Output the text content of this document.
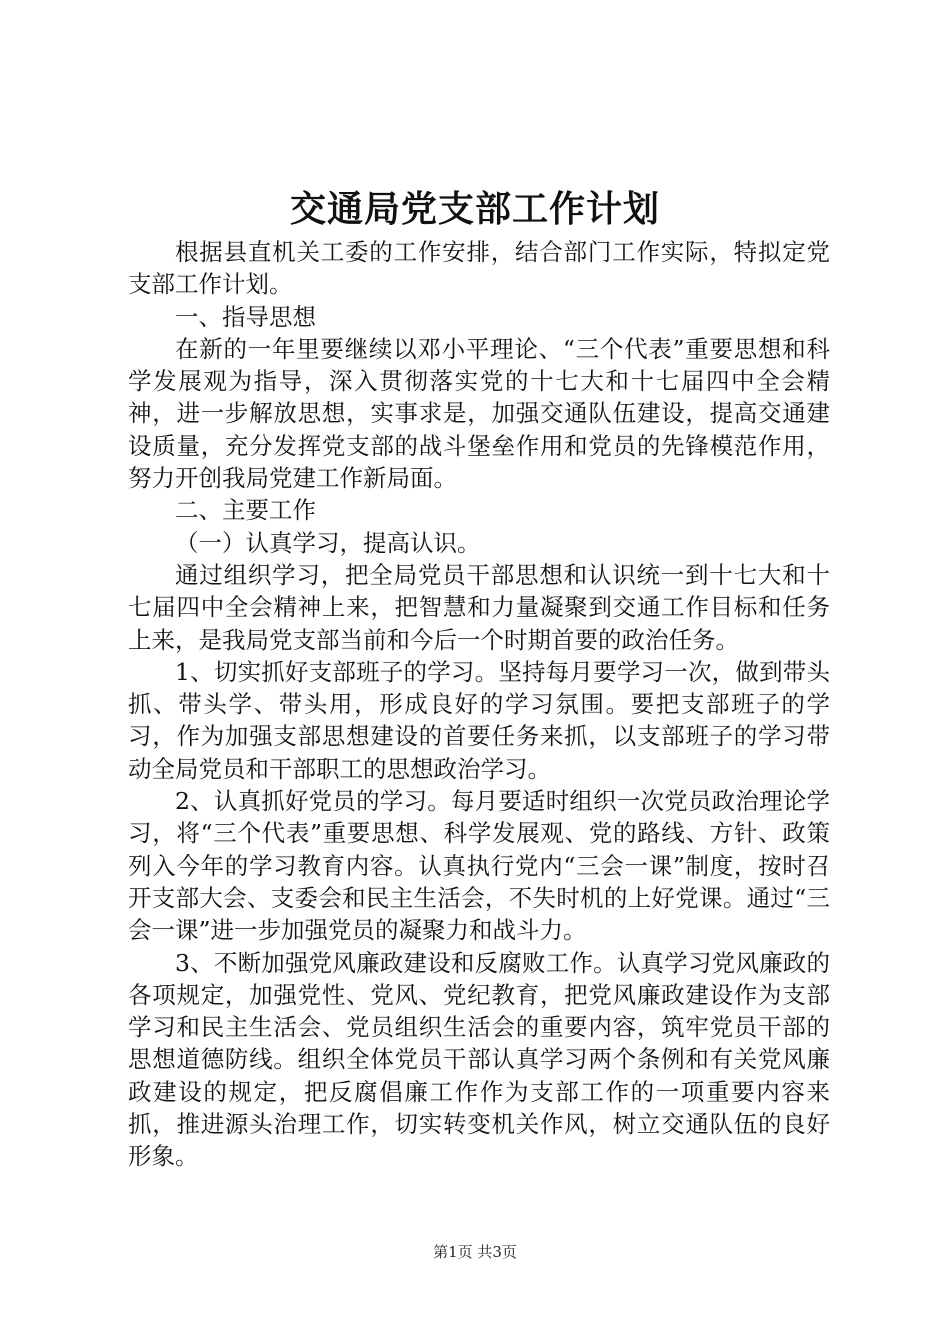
交通局党支部工作计划

根据县直机关工委的工作安排，结合部门工作实际，特拟定党支部工作计划。

一、指导思想

在新的一年里要继续以邓小平理论、“三个代表”重要思想和科学发展观为指导，深入贯彻落实党的十七大和十七届四中全会精神，进一步解放思想，实事求是，加强交通队伍建设，提高交通建设质量，充分发挥党支部的战斗堡垒作用和党员的先锋模范作用，努力开创我局党建工作新局面。

二、主要工作

（一）认真学习，提高认识。

通过组织学习，把全局党员干部思想和认识统一到十七大和十七届四中全会精神上来，把智慧和力量凝聚到交通工作目标和任务上来，是我局党支部当前和今后一个时期首要的政治任务。

1、切实抓好支部班子的学习。坚持每月要学习一次，做到带头抓、带头学、带头用，形成良好的学习氛围。要把支部班子的学习，作为加强支部思想建设的首要任务来抓，以支部班子的学习带动全局党员和干部职工的思想政治学习。

2、认真抓好党员的学习。每月要适时组织一次党员政治理论学习，将“三个代表”重要思想、科学发展观、党的路线、方针、政策列入今年的学习教育内容。认真执行党内“三会一课”制度，按时召开支部大会、支委会和民主生活会，不失时机的上好党课。通过“三会一课”进一步加强党员的凝聚力和战斗力。

3、不断加强党风廉政建设和反腐败工作。认真学习党风廉政的各项规定，加强党性、党风、党纪教育，把党风廉政建设作为支部学习和民主生活会、党员组织生活会的重要内容，筑牢党员干部的思想道德防线。组织全体党员干部认真学习两个条例和有关党风廉政建设的规定，把反腐倡廉工作作为支部工作的一项重要内容来抓，推进源头治理工作，切实转变机关作风，树立交通队伍的良好形象。

第1页 共3页
